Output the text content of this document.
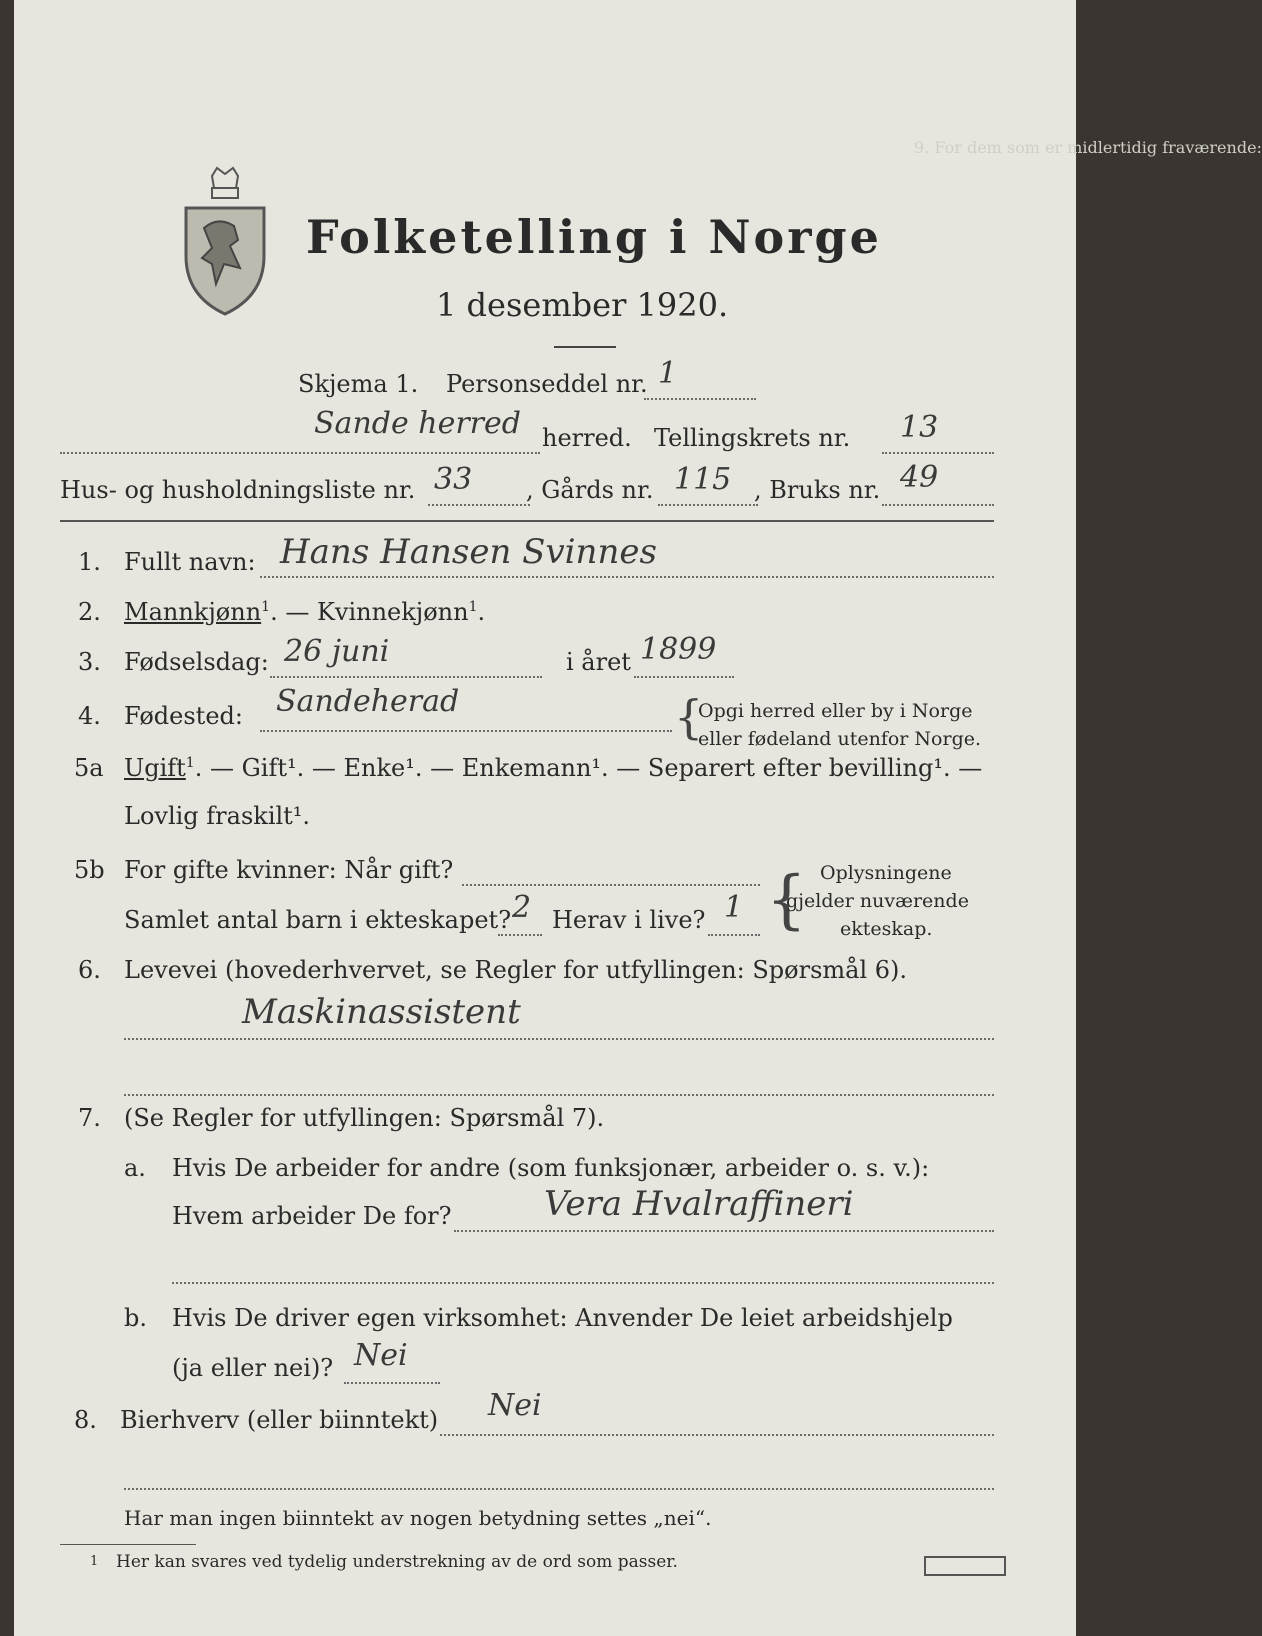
Folketelling i Norge
1 desember 1920.
9. For dem som er midlertidig fraværende:
Skjema 1. Personseddel nr. 1
Sande herred herred. Tellingskrets nr. 13
Hus- og husholdningsliste nr. 33 , Gårds nr. 115 , Bruks nr. 49
1. Fullt navn: Hans Hansen Svinnes
2. Mannkjønn$^1$. — Kvinnekjønn$^1$.
3. Fødselsdag: 26 juni	i året 1899
4. Fødested: Sandeherad	{
Opgi herred eller by i Norge
eller fødeland utenfor Norge.
5a Ugift$^1$. — Gift¹. — Enke¹. — Enkemann¹. — Separert efter bevilling¹. —
Lovlig fraskilt¹.
5b For gifte kvinner: Når gift?
Samlet antal barn i ekteskapet? 2 Herav i live? 1 { Oplysningene
gjelder nuværende
ekteskap.
6. Levevei (hovederhvervet, se Regler for utfyllingen: Spørsmål 6).
Maskinassistent
7. (Se Regler for utfyllingen: Spørsmål 7).
a. Hvis De arbeider for andre (som funksjonær, arbeider o. s. v.):
Hvem arbeider De for?	Vera Hvalraffineri
b. Hvis De driver egen virksomhet: Anvender De leiet arbeidshjelp
(ja eller nei)? Nei
8. Bierhverv (eller biinntekt) Nei
Har man ingen biinntekt av nogen betydning settes „nei“.
1 Her kan svares ved tydelig understrekning av de ord som passer.
